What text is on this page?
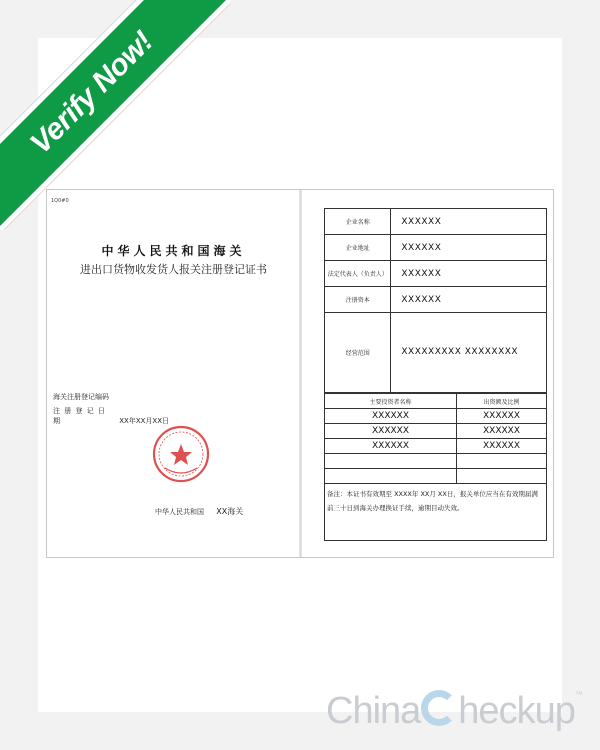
Verify Now!
1Q0#0
中华人民共和国海关
进出口货物收发货人报关注册登记证书
海关注册登记编码
注 册 登 记 日 期	XX年XX月XX日
中华人民共和国 XX海关
企业名称	XXXXXX
企业地址	XXXXXX
法定代表人（负责人）	XXXXXX
注册资本	XXXXXX
经营范围	XXXXXXXXX XXXXXXXX
主要投资者名称	出资额及比例
XXXXXX	XXXXXX
XXXXXX	XXXXXX
XXXXXX	XXXXXX

备注：本证书有效期至 XXXX年 XX月 XX日，报关单位应当在有效期届满前三十日到海关办理换证手续，逾期目动失效。
China heckup™
